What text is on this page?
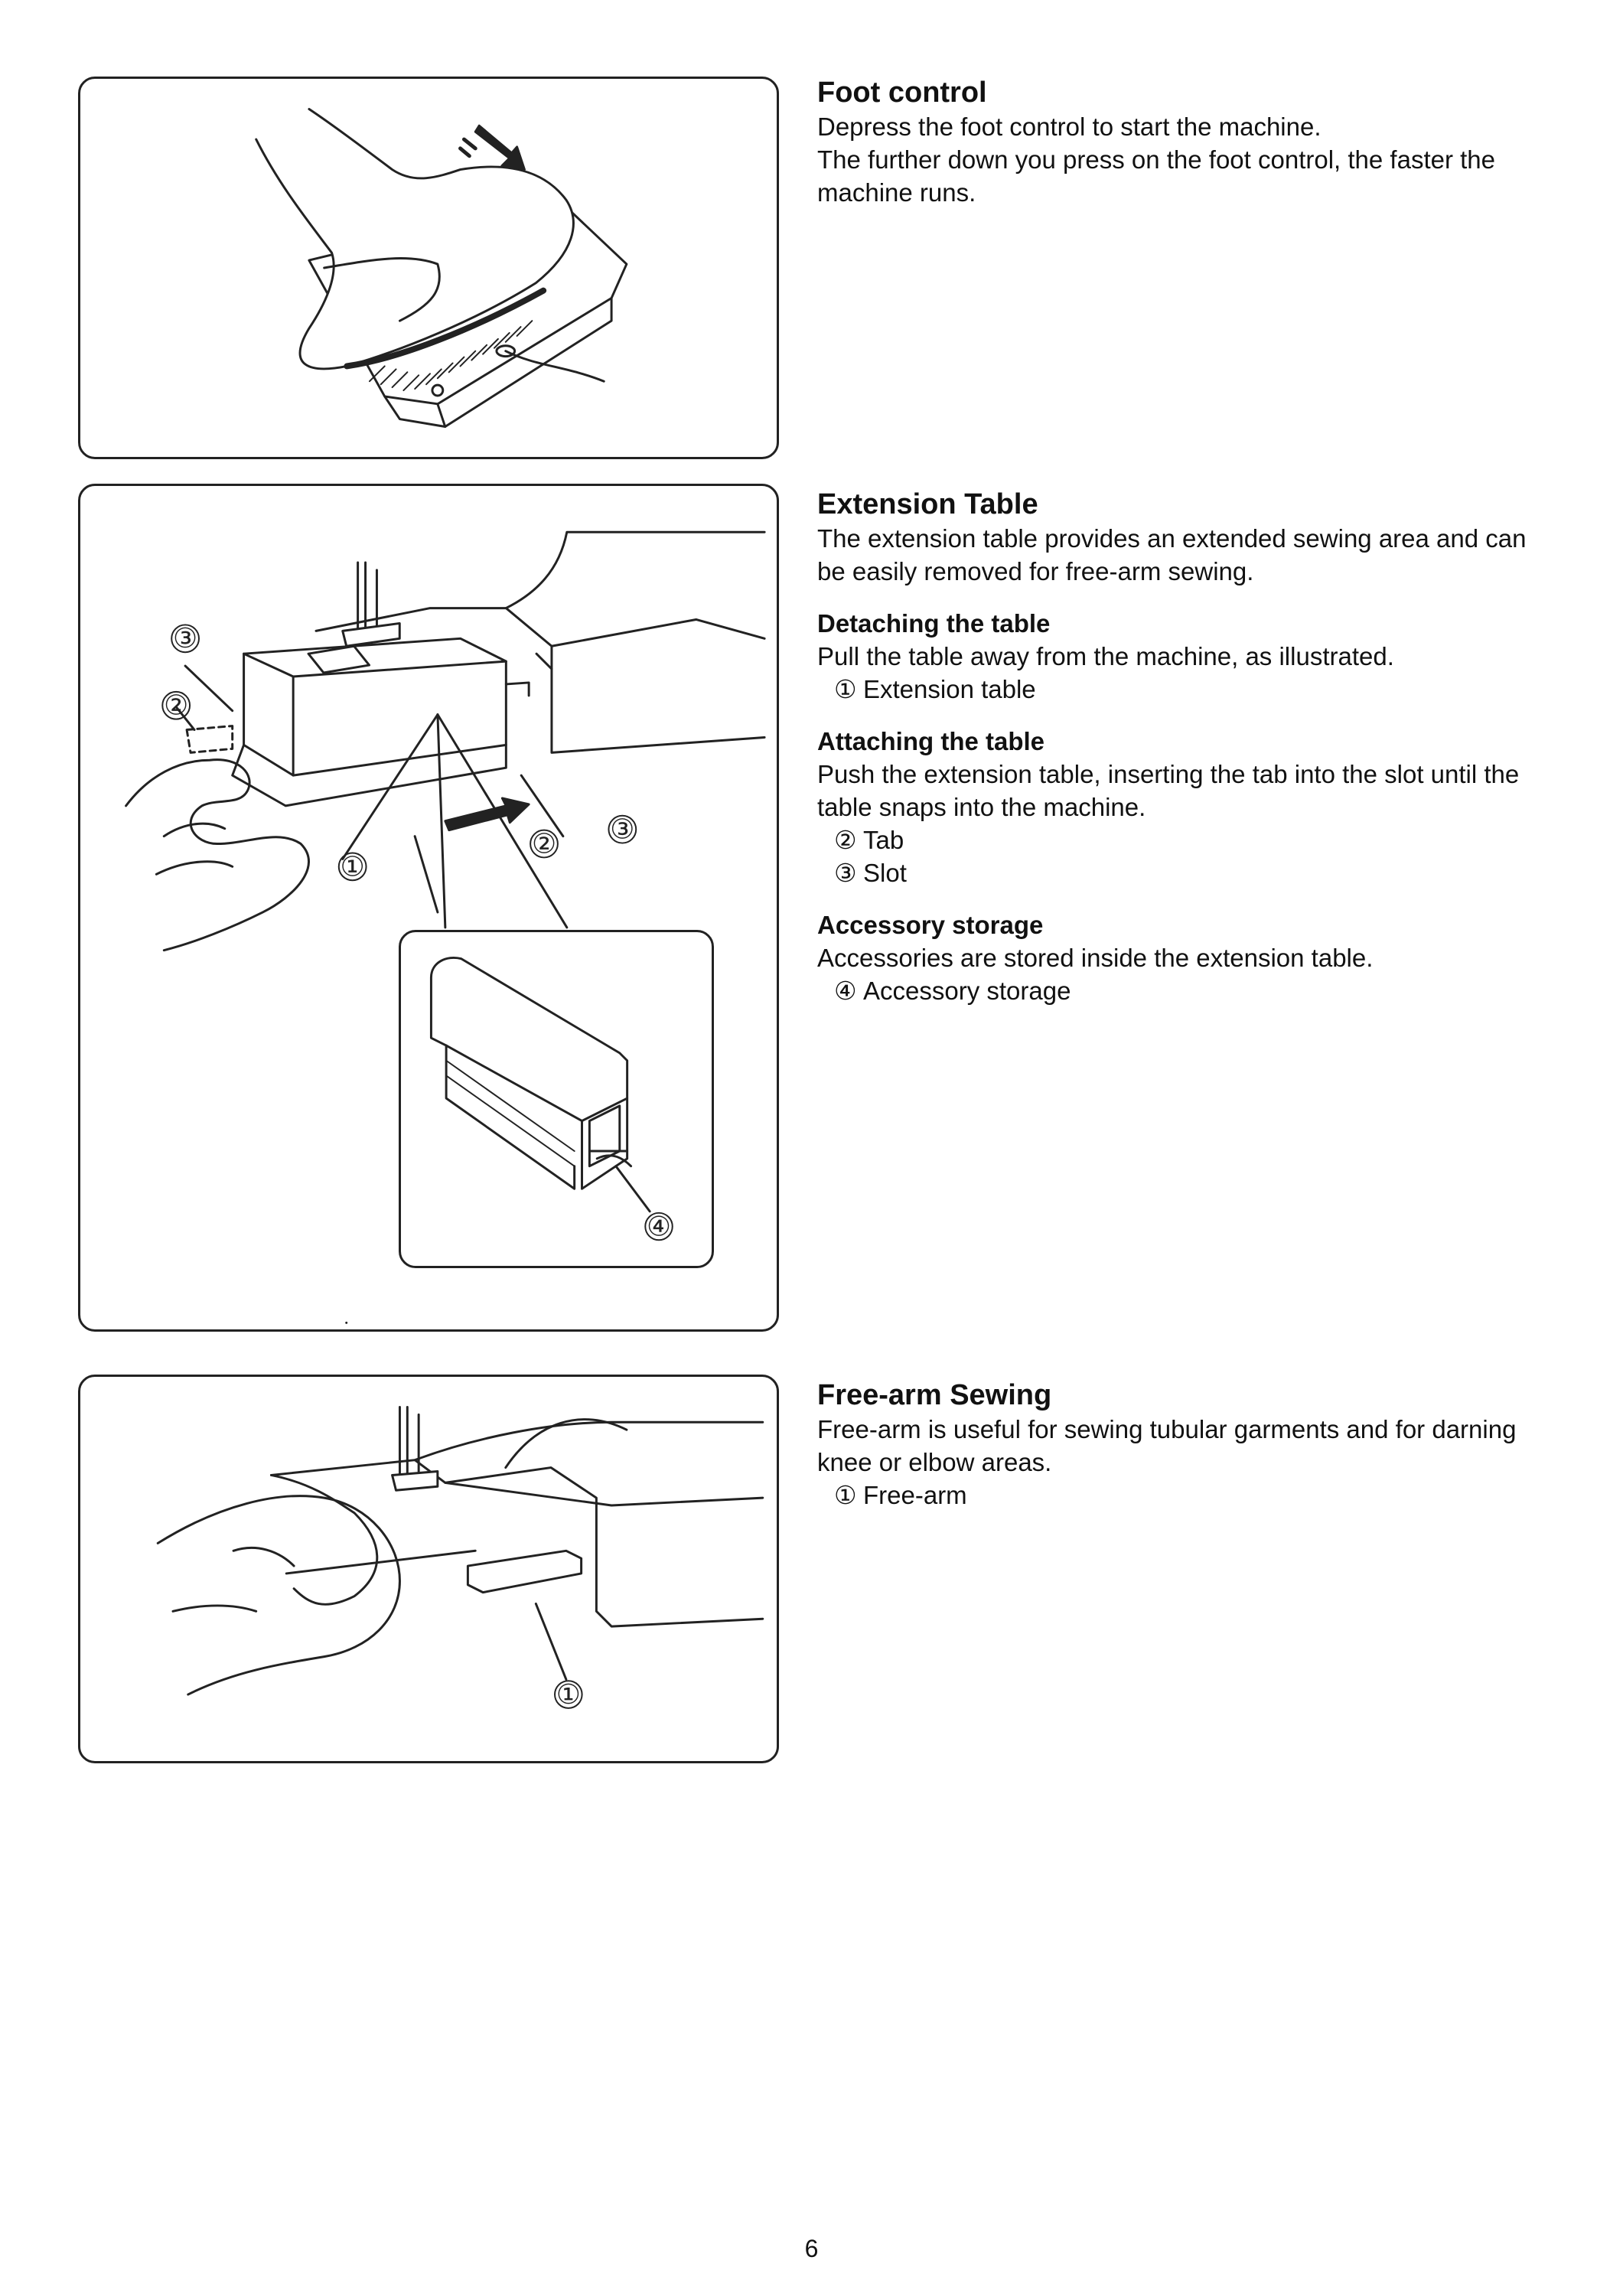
③
②
③
①
②
④
①
Foot control

Depress the foot control to start the machine.

The further down you press on the foot control, the faster the machine runs.

Extension Table

The extension table provides an extended sewing area and can be easily removed for free-arm sewing.

Detaching the table

Pull the table away from the machine, as illustrated.

① Extension table
Attaching the table

Push the extension table, inserting the tab into the slot until the table snaps into the machine.

② Tab
③ Slot
Accessory storage

Accessories are stored inside the extension table.

④ Accessory storage
Free-arm Sewing

Free-arm is useful for sewing tubular garments and for darning knee or elbow areas.

① Free-arm
6
